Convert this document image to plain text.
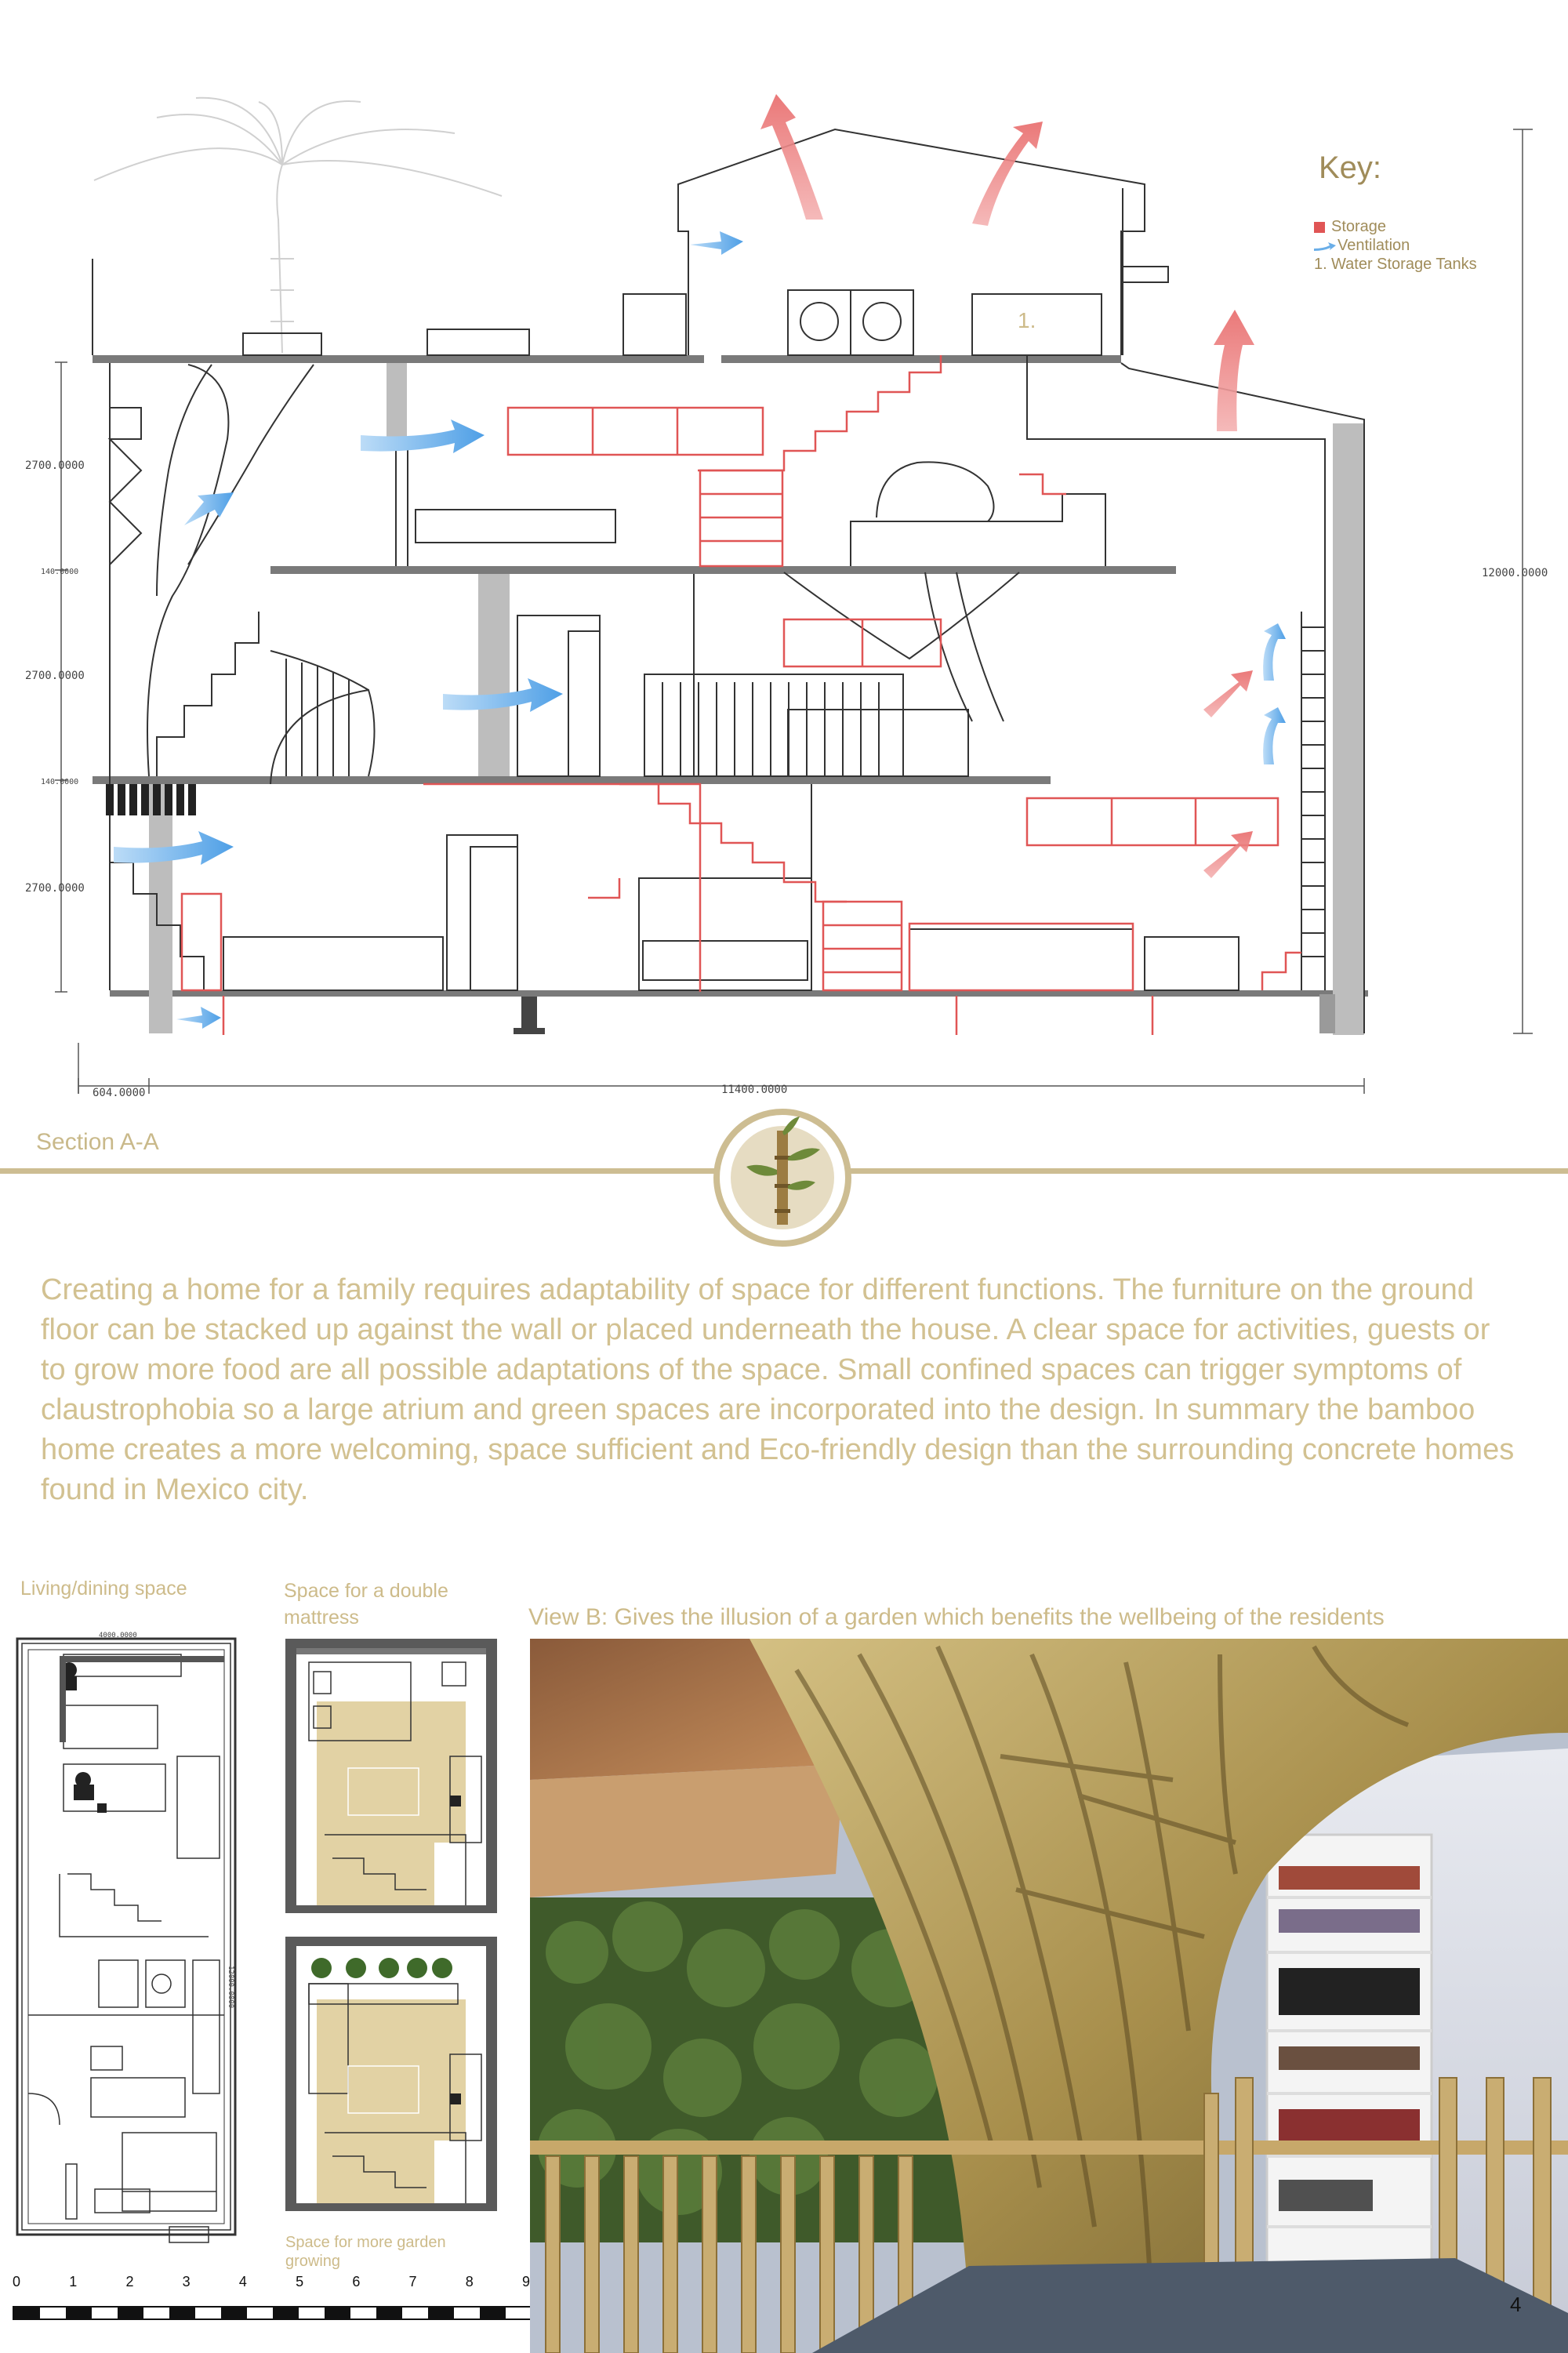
1.
2700.0000
140.0000
2700.0000
140.0000
2700.0000
12000.0000
11400.0000
604.0000
Key:
Storage
Ventilation
1. Water Storage Tanks
Section A-A
Creating a home for a family requires adaptability of space for different functions. The furniture on the ground floor can be stacked up against the wall or placed underneath the house. A clear space for activities, guests or to grow more food are all possible adaptations of the space. Small confined spaces can trigger symptoms of claustrophobia so a large atrium and green spaces are incorporated into the design. In summary the bamboo home creates a more welcoming, space sufficient and Eco-friendly design than the surrounding concrete homes found in Mexico city.
Living/dining space	Space for a double mattress
4000.0000
12000.0000
Space for more garden growing
0	1	2	3	4	5	6	7	8	9
View B: Gives the illusion of a garden which benefits the wellbeing of the residents
4
